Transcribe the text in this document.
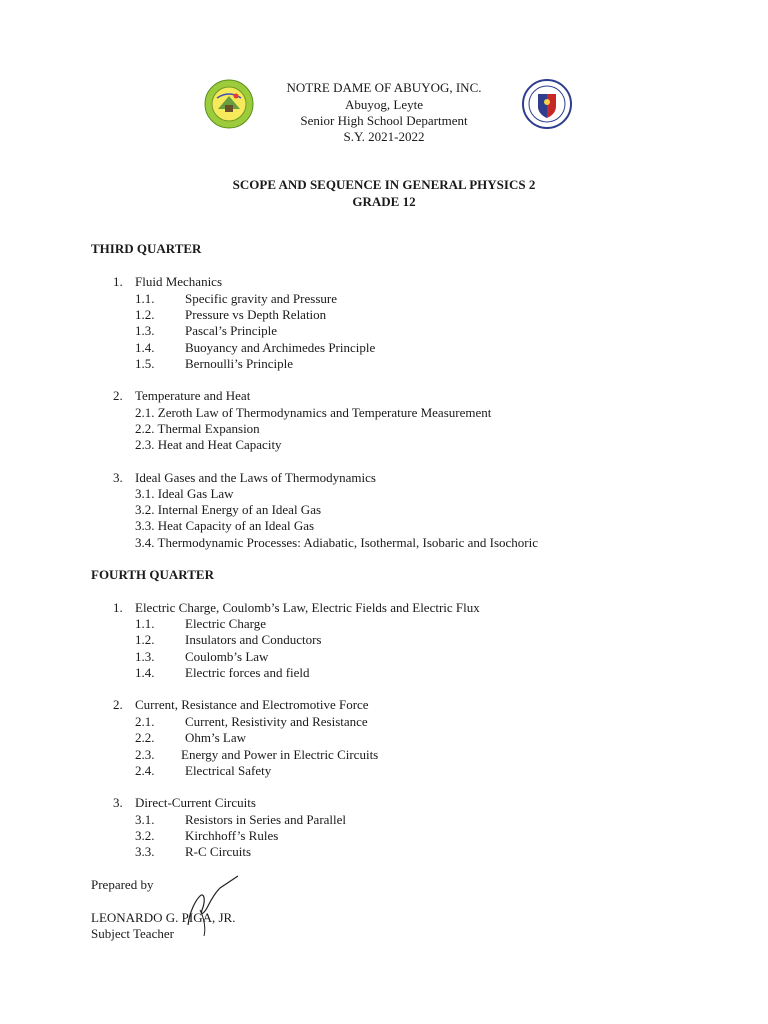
NOTRE DAME OF ABUYOG, INC.
Abuyog, Leyte
Senior High School Department
S.Y. 2021-2022
SCOPE AND SEQUENCE IN GENERAL PHYSICS 2
GRADE 12
THIRD QUARTER
1. Fluid Mechanics
1.1. Specific gravity and Pressure
1.2. Pressure vs Depth Relation
1.3. Pascal’s Principle
1.4. Buoyancy and Archimedes Principle
1.5. Bernoulli’s Principle
2. Temperature and Heat
2.1. Zeroth Law of Thermodynamics and Temperature Measurement
2.2. Thermal Expansion
2.3. Heat and Heat Capacity
3. Ideal Gases and the Laws of Thermodynamics
3.1. Ideal Gas Law
3.2. Internal Energy of an Ideal Gas
3.3. Heat Capacity of an Ideal Gas
3.4. Thermodynamic Processes: Adiabatic, Isothermal, Isobaric and Isochoric
FOURTH QUARTER
1. Electric Charge, Coulomb’s Law, Electric Fields and Electric Flux
1.1. Electric Charge
1.2. Insulators and Conductors
1.3. Coulomb’s Law
1.4. Electric forces and field
2. Current, Resistance and Electromotive Force
2.1. Current, Resistivity and Resistance
2.2. Ohm’s Law
2.3. Energy and Power in Electric Circuits
2.4. Electrical Safety
3. Direct-Current Circuits
3.1. Resistors in Series and Parallel
3.2. Kirchhoff’s Rules
3.3. R-C Circuits
Prepared by
LEONARDO G. PIGA, JR.
Subject Teacher
